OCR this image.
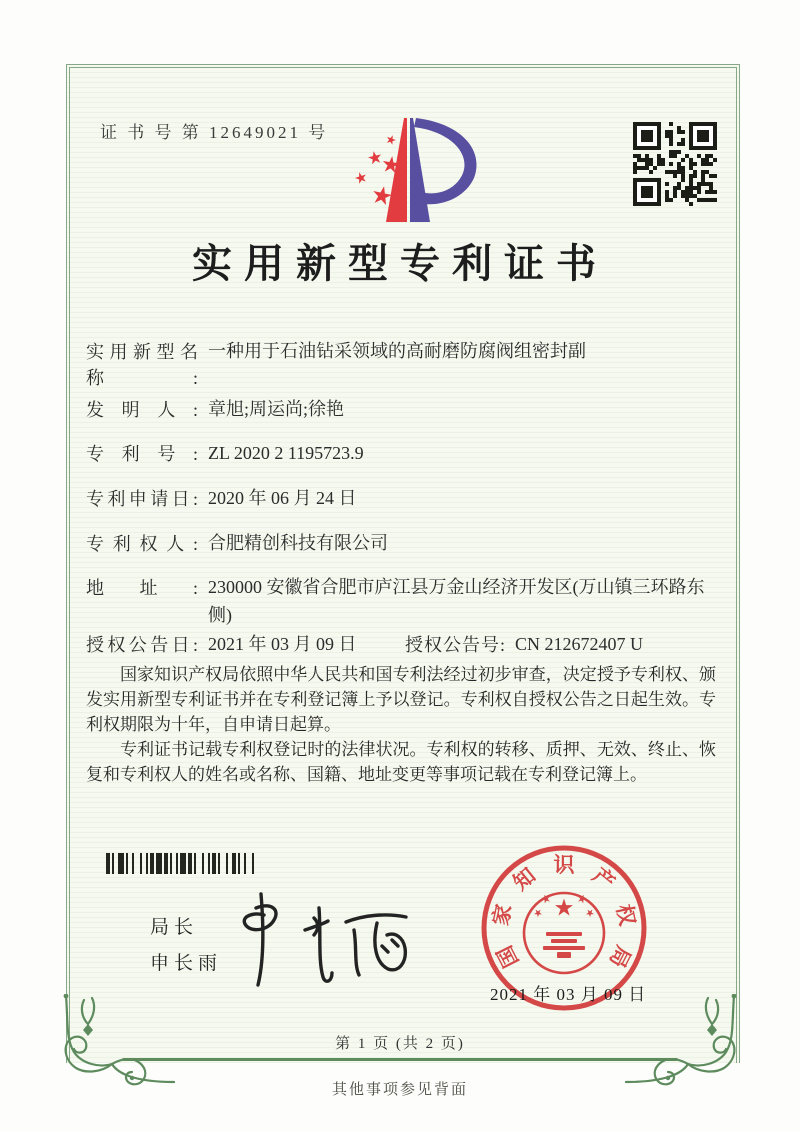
证 书 号 第 12649021 号
实用新型专利证书
实用新型名称:
一种用于石油钻采领域的高耐磨防腐阀组密封副
发明人: 章旭;周运尚;徐艳
专利号: ZL 2020 2 1195723.9
专利申请日: 2020 年 06 月 24 日
专利权人: 合肥精创科技有限公司
地址: 230000 安徽省合肥市庐江县万金山经济开发区(万山镇三环路东侧)
授权公告日: 2021 年 03 月 09 日	授权公告号: CN 212672407 U

国家知识产权局依照中华人民共和国专利法经过初步审查，决定授予专利权、颁发实用新型专利证书并在专利登记簿上予以登记。专利权自授权公告之日起生效。专利权期限为十年，自申请日起算。

专利证书记载专利权登记时的法律状况。专利权的转移、质押、无效、终止、恢复和专利权人的姓名或名称、国籍、地址变更等事项记载在专利登记簿上。

局长
申长雨	国
家
知 识 产
权
局
2021 年 03 月 09 日
第 1 页 (共 2 页)
其他事项参见背面
